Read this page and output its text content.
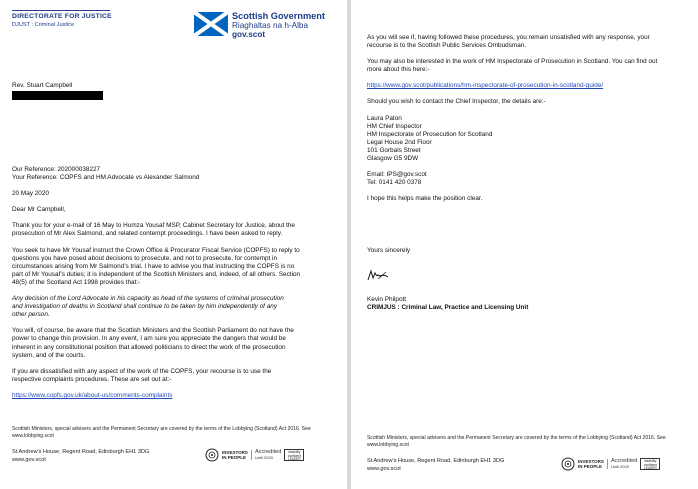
DIRECTORATE FOR JUSTICE
DJUST : Criminal Justice
Scottish Government
Riaghaltas na h-Alba
gov.scot
Rev. Stuart Campbell

Our Reference: 202000038227

Your Reference: COPFS and HM Advocate vs Alexander Salmond

20 May 2020

Dear Mr Campbell,

Thank you for your e-mail of 16 May to Humza Yousaf MSP, Cabinet Secretary for Justice, about the

prosecution of Mr Alex Salmond, and related contempt proceedings. I have been asked to reply.

You seek to have Mr Yousaf instruct the Crown Office & Procurator Fiscal Service (COPFS) to reply to

questions you have posed about decisions to prosecute, and not to prosecute, for contempt in

circumstances arising from Mr Salmond’s trial. I have to advise you that instructing the COPFS is no

part of Mr Yousaf’s duties; it is independent of the Scottish Ministers and, indeed, of all others. Section

48(5) of the Scotland Act 1998 provides that:-

Any decision of the Lord Advocate in his capacity as head of the systems of criminal prosecution

and investigation of deaths in Scotland shall continue to be taken by him independently of any

other person.

You will, of course, be aware that the Scottish Ministers and the Scottish Parliament do not have the

power to change this provision. In any event, I am sure you appreciate the dangers that would be

inherent in any constitutional position that allowed politicians to direct the work of the prosecution

system, and of the courts.

If you are dissatisfied with any aspect of the work of the COPFS, your recourse is to use the

respective complaints procedures. These are set out at:-

https://www.copfs.gov.uk/about-us/comments-complaints

Scottish Ministers, special advisers and the Permanent Secretary are covered by the terms of the Lobbying (Scotland) Act 2016. See

www.lobbying.scot

St Andrew’s House, Regent Road, Edinburgh EH1 3DG

www.gov.scot

INVESTORS

IN PEOPLE

Accredited
Until 2020
disability confident LEADER

As you will see if, having followed these procedures, you remain unsatisfied with any response, your

recourse is to the Scottish Public Services Ombudsman.

You may also be interested in the work of HM Inspectorate of Prosecution in Scotland. You can find out

more about this here:-

https://www.gov.scot/publications/hm-inspectorate-of-prosecution-in-scotland-guide/

Should you wish to contact the Chief Inspector, the details are:-

Laura Paton

HM Chief Inspector

HM Inspectorate of Prosecution for Scotland

Legal House 2nd Floor

101 Gorbals Street

Glasgow G5 9DW

Email: IPS@gov.scot

Tel: 0141 420 0378

I hope this helps make the position clear.

Yours sincerely

Kevin Philpott

CRIMJUS : Criminal Law, Practice and Licensing Unit

Scottish Ministers, special advisers and the Permanent Secretary are covered by the terms of the Lobbying (Scotland) Act 2016. See

www.lobbying.scot

St Andrew’s House, Regent Road, Edinburgh EH1 3DG

www.gov.scot

INVESTORS

IN PEOPLE

Accredited
Until 2020
disability confident LEADER
